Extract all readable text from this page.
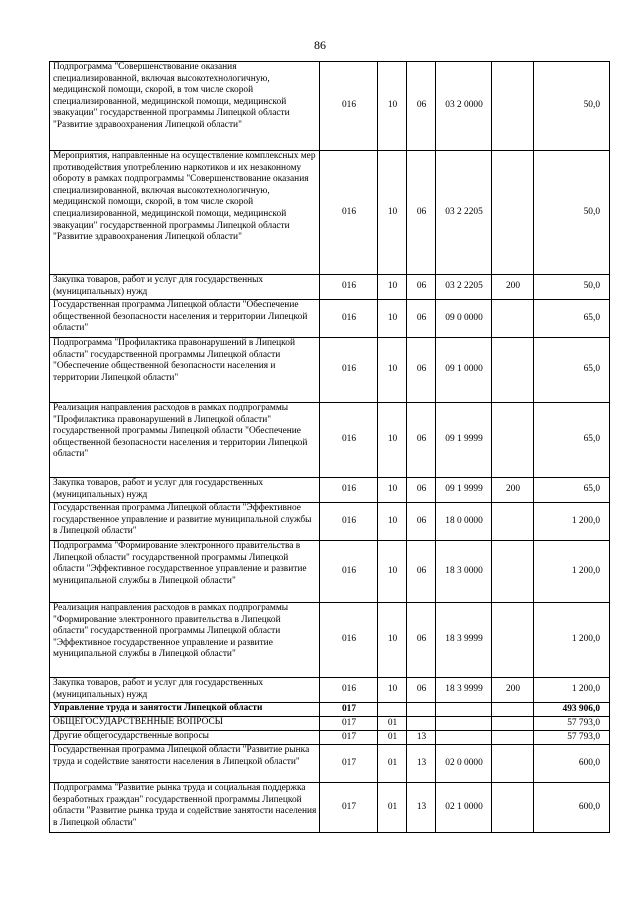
86
Подпрограмма "Совершенствование оказания специализированной, включая высокотехнологичную, медицинской помощи, скорой, в том числе скорой специализированной, медицинской помощи, медицинской эвакуации" государственной программы Липецкой области "Развитие здравоохранения Липецкой области"	016	10	06	03 2 0000		50,0
Мероприятия, направленные на осуществление комплексных мер противодействия употреблению наркотиков и их незаконному обороту в рамках подпрограммы "Совершенствование оказания специализированной, включая высокотехнологичную, медицинской помощи, скорой, в том числе скорой специализированной, медицинской помощи, медицинской эвакуации" государственной программы Липецкой области "Развитие здравоохранения Липецкой области"	016	10	06	03 2 2205		50,0
Закупка товаров, работ и услуг для государственных (муниципальных) нужд	016	10	06	03 2 2205	200	50,0
Государственная программа Липецкой области "Обеспечение общественной безопасности населения и территории Липецкой области"	016	10	06	09 0 0000		65,0
Подпрограмма "Профилактика правонарушений в Липецкой области" государственной программы Липецкой области "Обеспечение общественной безопасности населения и территории Липецкой области"	016	10	06	09 1 0000		65,0
Реализация направления расходов в рамках подпрограммы "Профилактика правонарушений в Липецкой области" государственной программы Липецкой области "Обеспечение общественной безопасности населения и территории Липецкой области"	016	10	06	09 1 9999		65,0
Закупка товаров, работ и услуг для государственных (муниципальных) нужд	016	10	06	09 1 9999	200	65,0
Государственная программа Липецкой области "Эффективное государственное управление и развитие муниципальной службы в Липецкой области"	016	10	06	18 0 0000		1 200,0
Подпрограмма "Формирование электронного правительства в Липецкой области" государственной программы Липецкой области "Эффективное государственное управление и развитие муниципальной службы в Липецкой области"	016	10	06	18 3 0000		1 200,0
Реализация направления расходов в рамках подпрограммы "Формирование электронного правительства в Липецкой области" государственной программы Липецкой области "Эффективное государственное управление и развитие муниципальной службы в Липецкой области"	016	10	06	18 3 9999		1 200,0
Закупка товаров, работ и услуг для государственных (муниципальных) нужд	016	10	06	18 3 9999	200	1 200,0
Управление труда и занятости Липецкой области	017					493 906,0
ОБЩЕГОСУДАРСТВЕННЫЕ ВОПРОСЫ	017	01				57 793,0
Другие общегосударственные вопросы	017	01	13			57 793,0
Государственная программа Липецкой области "Развитие рынка труда и содействие занятости населения в Липецкой области"	017	01	13	02 0 0000		600,0
Подпрограмма "Развитие рынка труда и социальная поддержка безработных граждан" государственной программы Липецкой области "Развитие рынка труда и содействие занятости населения в Липецкой области"	017	01	13	02 1 0000		600,0
